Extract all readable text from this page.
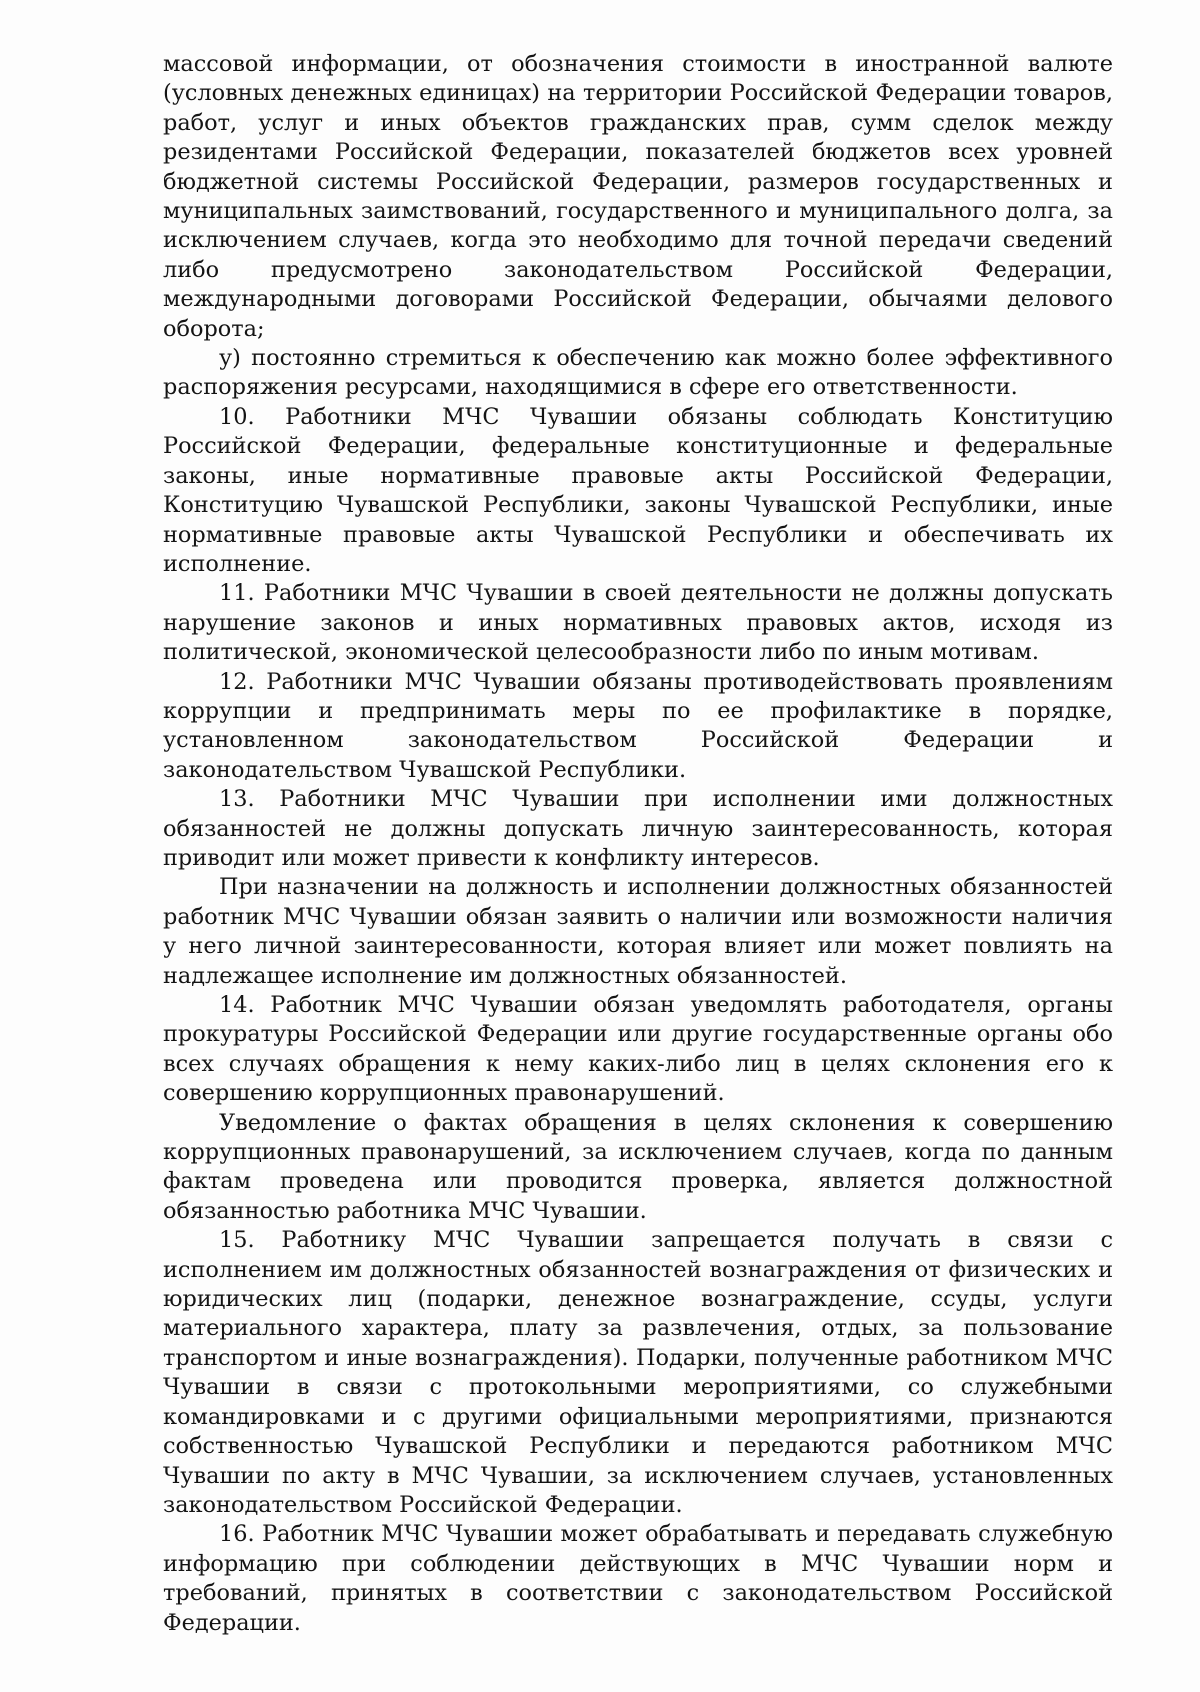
массовой информации, от обозначения стоимости в иностранной валюте (условных денежных единицах) на территории Российской Федерации товаров, работ, услуг и иных объектов гражданских прав, сумм сделок между резидентами Российской Федерации, показателей бюджетов всех уровней бюджетной системы Российской Федерации, размеров государственных и муниципальных заимствований, государственного и муниципального долга, за исключением случаев, когда это необходимо для точной передачи сведений либо предусмотрено законодательством Российской Федерации, международными договорами Российской Федерации, обычаями делового оборота;

у) постоянно стремиться к обеспечению как можно более эффективного распоряжения ресурсами, находящимися в сфере его ответственности.

10. Работники МЧС Чувашии обязаны соблюдать Конституцию Российской Федерации, федеральные конституционные и федеральные законы, иные нормативные правовые акты Российской Федерации, Конституцию Чувашской Республики, законы Чувашской Республики, иные нормативные правовые акты Чувашской Республики и обеспечивать их исполнение.

11. Работники МЧС Чувашии в своей деятельности не должны допускать нарушение законов и иных нормативных правовых актов, исходя из политической, экономической целесообразности либо по иным мотивам.

12. Работники МЧС Чувашии обязаны противодействовать проявлениям коррупции и предпринимать меры по ее профилактике в порядке, установленном законодательством Российской Федерации и законодательством Чувашской Республики.

13. Работники МЧС Чувашии при исполнении ими должностных обязанностей не должны допускать личную заинтересованность, которая приводит или может привести к конфликту интересов.

При назначении на должность и исполнении должностных обязанностей работник МЧС Чувашии обязан заявить о наличии или возможности наличия у него личной заинтересованности, которая влияет или может повлиять на надлежащее исполнение им должностных обязанностей.

14. Работник МЧС Чувашии обязан уведомлять работодателя, органы прокуратуры Российской Федерации или другие государственные органы обо всех случаях обращения к нему каких-либо лиц в целях склонения его к совершению коррупционных правонарушений.

Уведомление о фактах обращения в целях склонения к совершению коррупционных правонарушений, за исключением случаев, когда по данным фактам проведена или проводится проверка, является должностной обязанностью работника МЧС Чувашии.

15. Работнику МЧС Чувашии запрещается получать в связи с исполнением им должностных обязанностей вознаграждения от физических и юридических лиц (подарки, денежное вознаграждение, ссуды, услуги материального характера, плату за развлечения, отдых, за пользование транспортом и иные вознаграждения). Подарки, полученные работником МЧС Чувашии в связи с протокольными мероприятиями, со служебными командировками и с другими официальными мероприятиями, признаются собственностью Чувашской Республики и передаются работником МЧС Чувашии по акту в МЧС Чувашии, за исключением случаев, установленных законодательством Российской Федерации.

16. Работник МЧС Чувашии может обрабатывать и передавать служебную информацию при соблюдении действующих в МЧС Чувашии норм и требований, принятых в соответствии с законодательством Российской Федерации.
